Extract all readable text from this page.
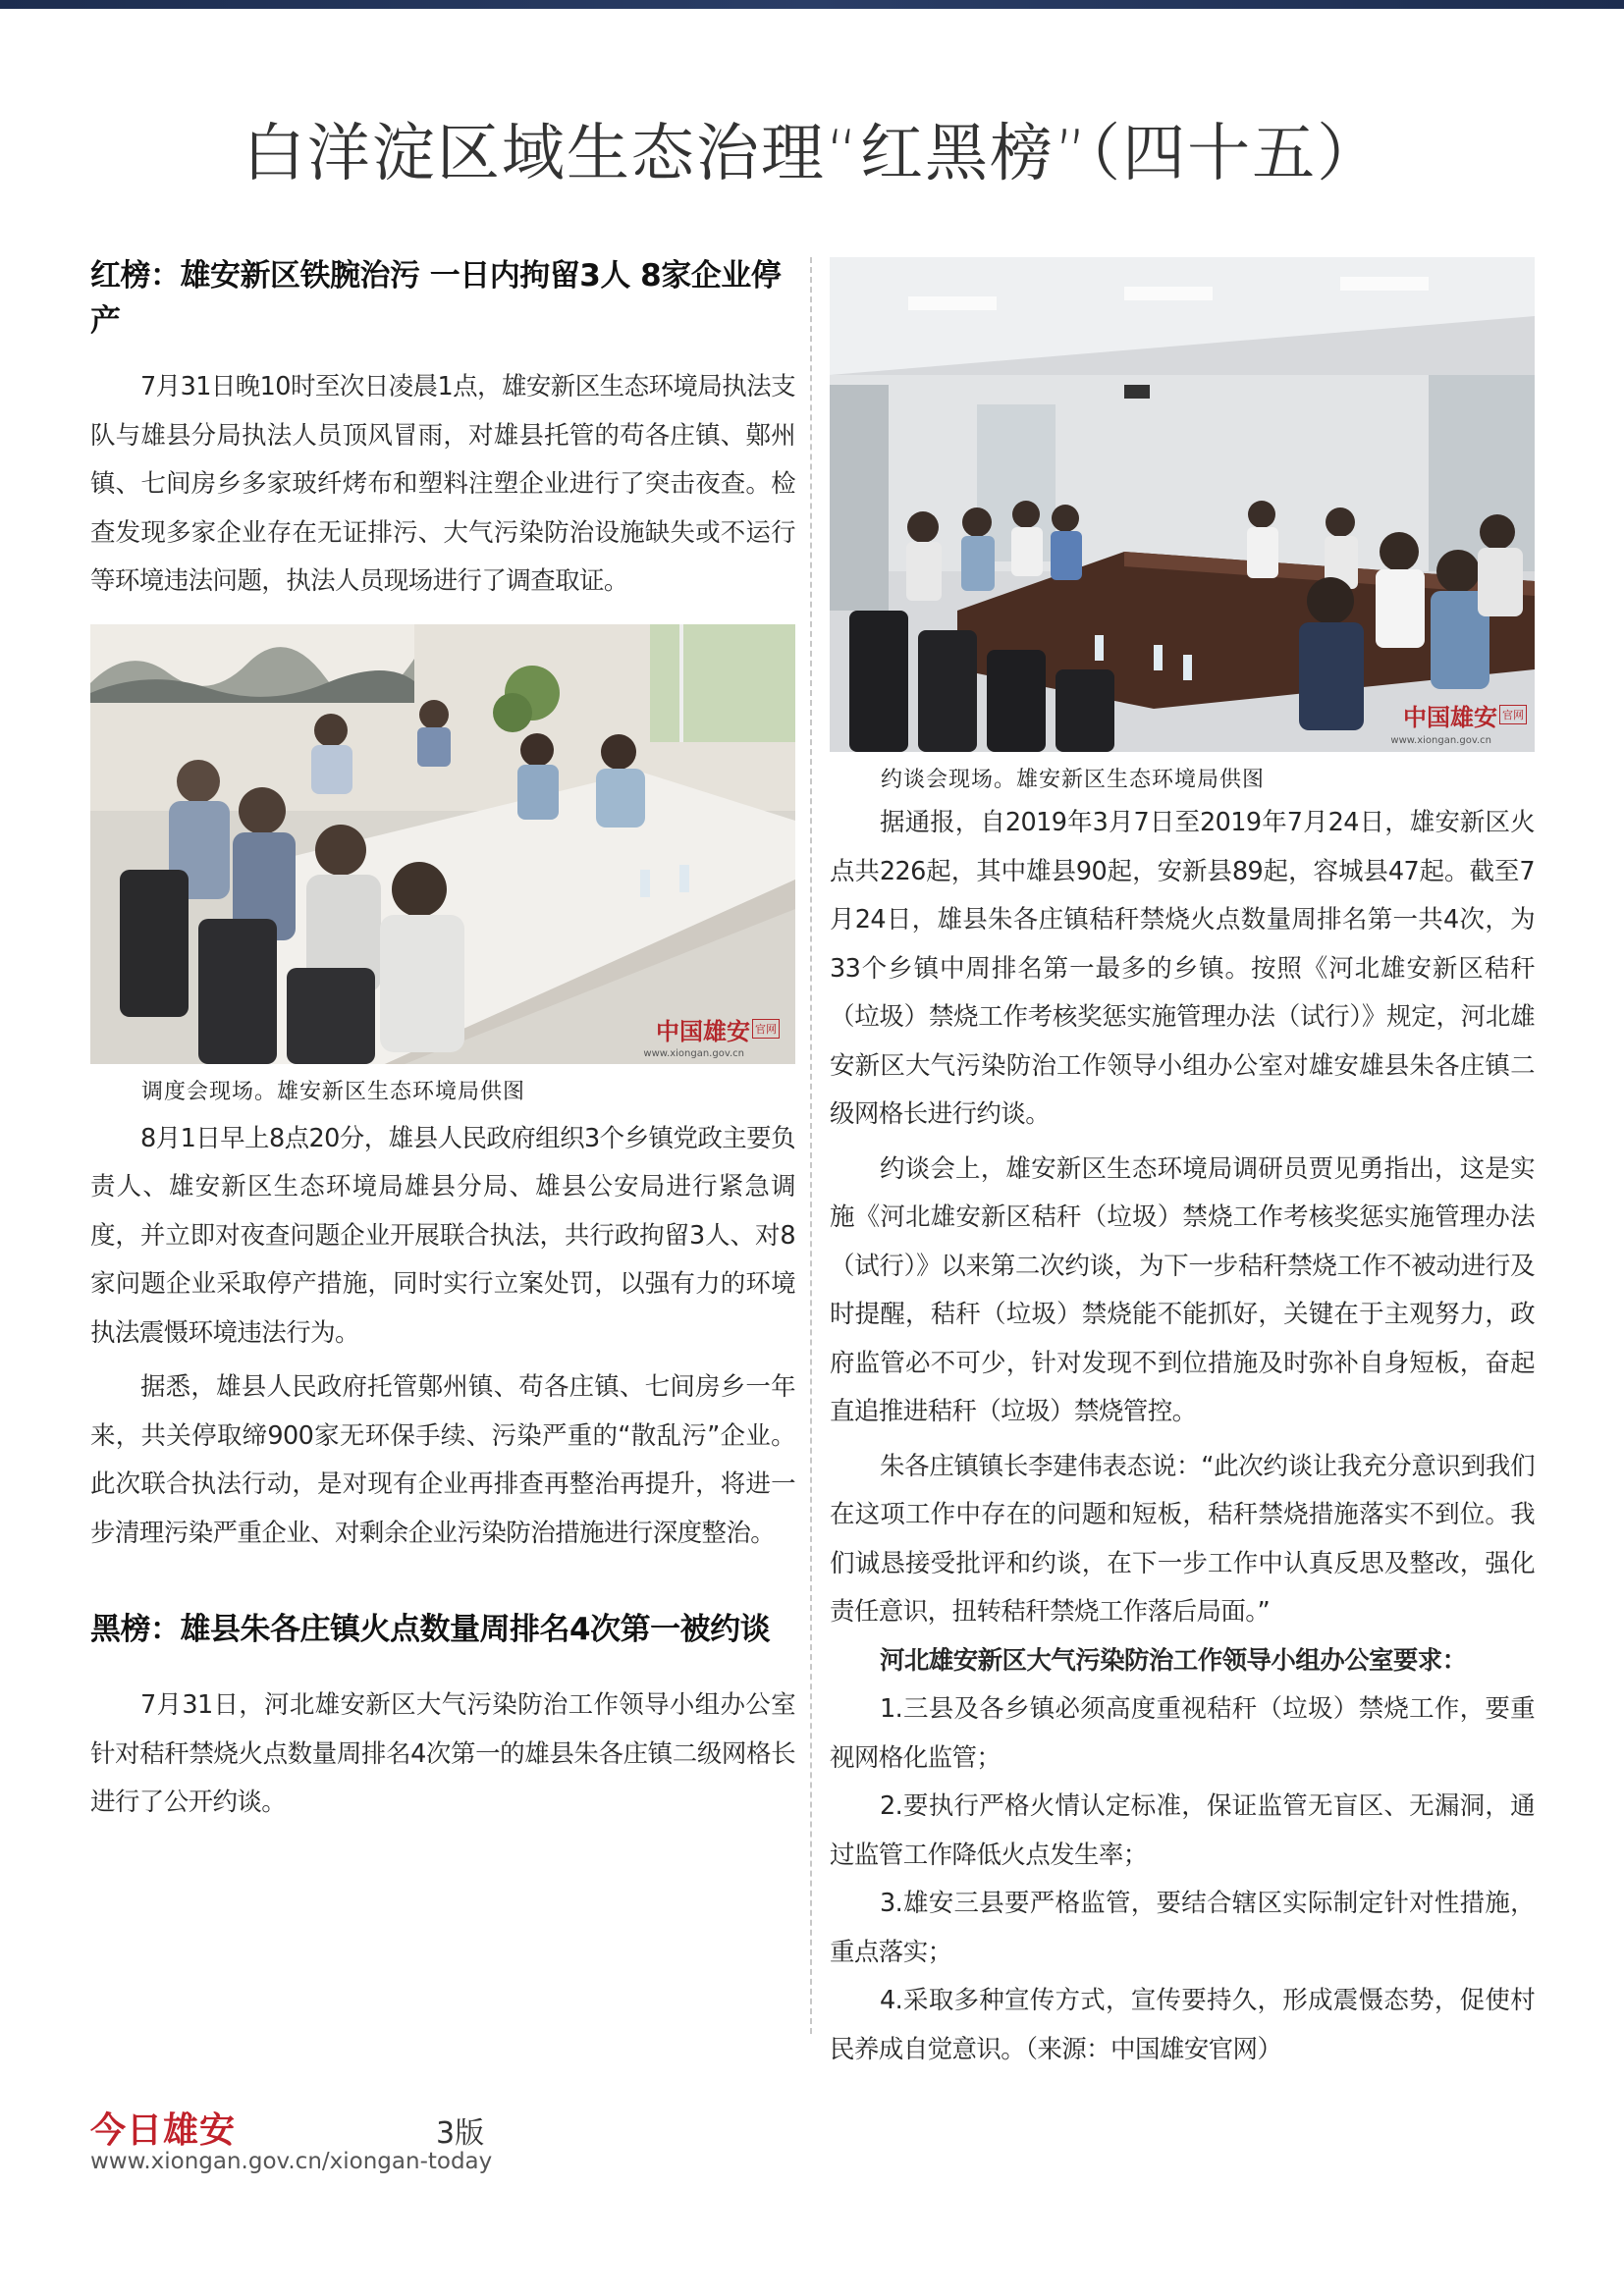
白洋淀区域生态治理“红黑榜”（四十五）
红榜：雄安新区铁腕治污 一日内拘留3人 8家企业停产

7月31日晚10时至次日凌晨1点，雄安新区生态环境局执法支队与雄县分局执法人员顶风冒雨，对雄县托管的苟各庄镇、鄚州镇、七间房乡多家玻纤烤布和塑料注塑企业进行了突击夜查。检查发现多家企业存在无证排污、大气污染防治设施缺失或不运行等环境违法问题，执法人员现场进行了调查取证。

中国雄安 官网
www.xiongan.gov.cn
调度会现场。雄安新区生态环境局供图

8月1日早上8点20分，雄县人民政府组织3个乡镇党政主要负责人、雄安新区生态环境局雄县分局、雄县公安局进行紧急调度，并立即对夜查问题企业开展联合执法，共行政拘留3人、对8家问题企业采取停产措施，同时实行立案处罚，以强有力的环境执法震慑环境违法行为。

据悉，雄县人民政府托管鄚州镇、苟各庄镇、七间房乡一年来，共关停取缔900家无环保手续、污染严重的“散乱污”企业。此次联合执法行动，是对现有企业再排查再整治再提升，将进一步清理污染严重企业、对剩余企业污染防治措施进行深度整治。

黑榜：雄县朱各庄镇火点数量周排名4次第一被约谈

7月31日，河北雄安新区大气污染防治工作领导小组办公室针对秸秆禁烧火点数量周排名4次第一的雄县朱各庄镇二级网格长进行了公开约谈。

中国雄安 官网
www.xiongan.gov.cn
约谈会现场。雄安新区生态环境局供图

据通报，自2019年3月7日至2019年7月24日，雄安新区火点共226起，其中雄县90起，安新县89起，容城县47起。截至7月24日，雄县朱各庄镇秸秆禁烧火点数量周排名第一共4次，为33个乡镇中周排名第一最多的乡镇。按照《河北雄安新区秸秆（垃圾）禁烧工作考核奖惩实施管理办法（试行）》规定，河北雄安新区大气污染防治工作领导小组办公室对雄安雄县朱各庄镇二级网格长进行约谈。

约谈会上，雄安新区生态环境局调研员贾见勇指出，这是实施《河北雄安新区秸秆（垃圾）禁烧工作考核奖惩实施管理办法（试行）》以来第二次约谈，为下一步秸秆禁烧工作不被动进行及时提醒，秸秆（垃圾）禁烧能不能抓好，关键在于主观努力，政府监管必不可少，针对发现不到位措施及时弥补自身短板，奋起直追推进秸秆（垃圾）禁烧管控。

朱各庄镇镇长李建伟表态说：“此次约谈让我充分意识到我们在这项工作中存在的问题和短板，秸秆禁烧措施落实不到位。我们诚恳接受批评和约谈，在下一步工作中认真反思及整改，强化责任意识，扭转秸秆禁烧工作落后局面。”

河北雄安新区大气污染防治工作领导小组办公室要求：

1.三县及各乡镇必须高度重视秸秆（垃圾）禁烧工作，要重视网格化监管；

2.要执行严格火情认定标准，保证监管无盲区、无漏洞，通过监管工作降低火点发生率；

3.雄安三县要严格监管，要结合辖区实际制定针对性措施，重点落实；

4.采取多种宣传方式，宣传要持久，形成震慑态势，促使村民养成自觉意识。（来源：中国雄安官网）

今日雄安	3版
www.xiongan.gov.cn/xiongan-today
